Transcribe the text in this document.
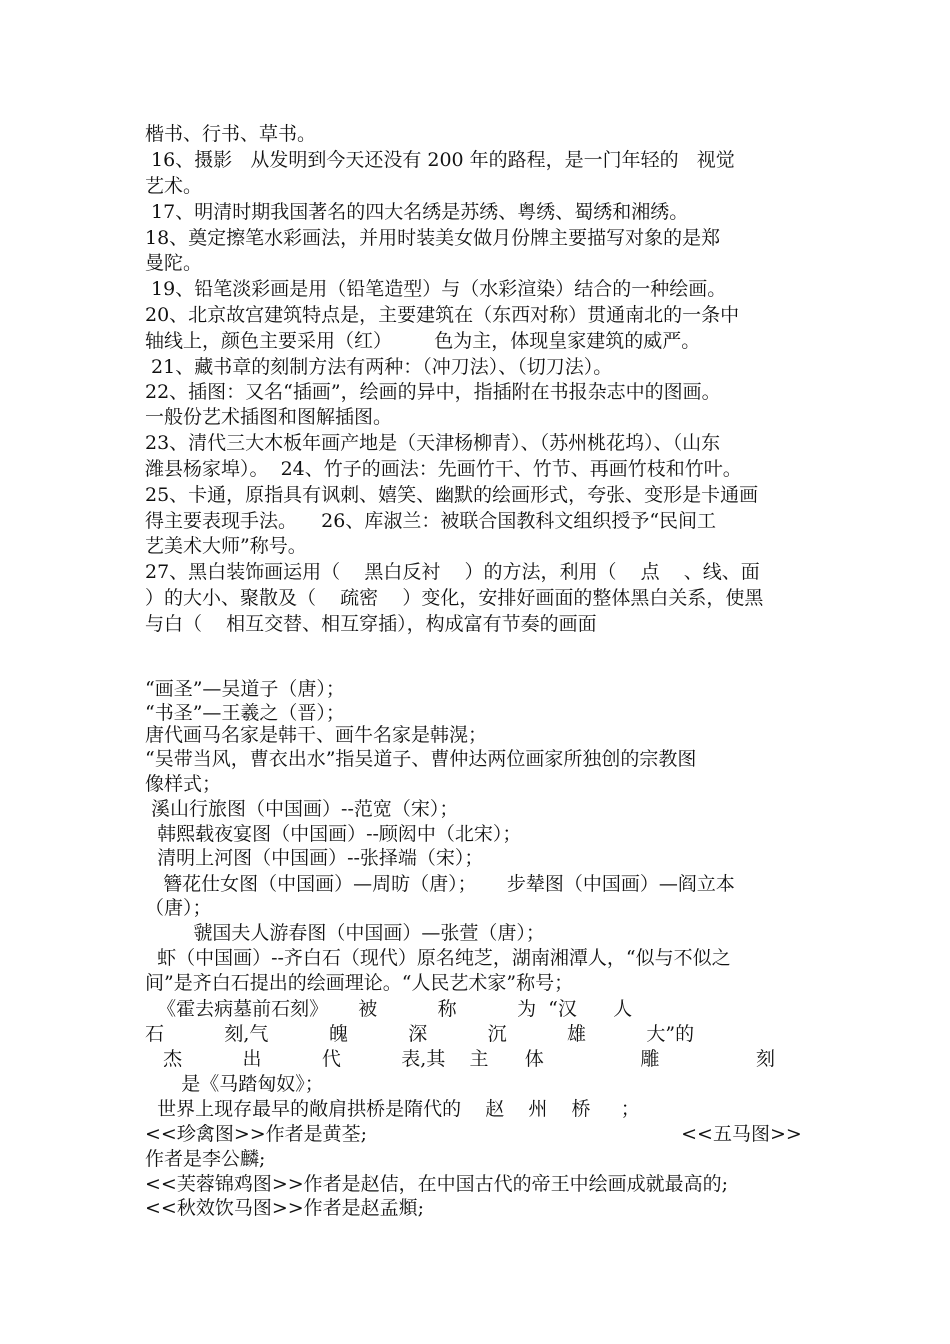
楷书、行书、草书。

16、摄影   从发明到今天还没有 200 年的路程，是一门年轻的   视觉

艺术。

17、明清时期我国著名的四大名绣是苏绣、粤绣、蜀绣和湘绣。

18、奠定擦笔水彩画法，并用时装美女做月份牌主要描写对象的是郑

曼陀。

19、铅笔淡彩画是用（铅笔造型）与（水彩渲染）结合的一种绘画。

20、北京故宫建筑特点是，主要建筑在（东西对称）贯通南北的一条中

轴线上，颜色主要采用（红）       色为主，体现皇家建筑的威严。

21、藏书章的刻制方法有两种：（冲刀法）、（切刀法）。

22、插图：又名“插画”，绘画的异中，指插附在书报杂志中的图画。

一般份艺术插图和图解插图。

23、清代三大木板年画产地是（天津杨柳青）、（苏州桃花坞）、（山东

潍县杨家埠）。  24、竹子的画法：先画竹干、竹节、再画竹枝和竹叶。

25、卡通，原指具有讽刺、嬉笑、幽默的绘画形式，夸张、变形是卡通画

得主要表现手法。    26、库淑兰：被联合国教科文组织授予“民间工

艺美术大师”称号。

27、黑白装饰画运用（    黑白反衬    ）的方法，利用（    点    、线、面

）的大小、聚散及（    疏密    ）变化，安排好画面的整体黑白关系，使黑

与白（    相互交替、相互穿插），构成富有节奏的画面

“画圣”—吴道子（唐）；

“书圣”—王羲之（晋）；

唐代画马名家是韩干、画牛名家是韩滉；

“吴带当风，曹衣出水”指吴道子、曹仲达两位画家所独创的宗教图

像样式；

溪山行旅图（中国画）--范宽（宋）；

韩熙载夜宴图（中国画）--顾闳中（北宋）；

清明上河图（中国画）--张择端（宋）；

簪花仕女图（中国画）—周昉（唐）；     步辇图（中国画）—阎立本

（唐）；

虢国夫人游春图（中国画）—张萱（唐）；

虾（中国画）--齐白石（现代）原名纯芝，湖南湘潭人，“似与不似之

间”是齐白石提出的绘画理论。“人民艺术家”称号；

《霍去病墓前石刻》     被          称          为  “汉      人

石          刻,气          魄          深          沉          雄          大”的

杰          出          代          表,其    主      体                雕                刻

是《马踏匈奴》；

世界上现存最早的敞肩拱桥是隋代的    赵    州    桥     ；

<<珍禽图>>作者是黄荃;                                                    <<五马图>>

作者是李公麟;

<<芙蓉锦鸡图>>作者是赵佶，在中国古代的帝王中绘画成就最高的;

<<秋效饮马图>>作者是赵孟頫;
